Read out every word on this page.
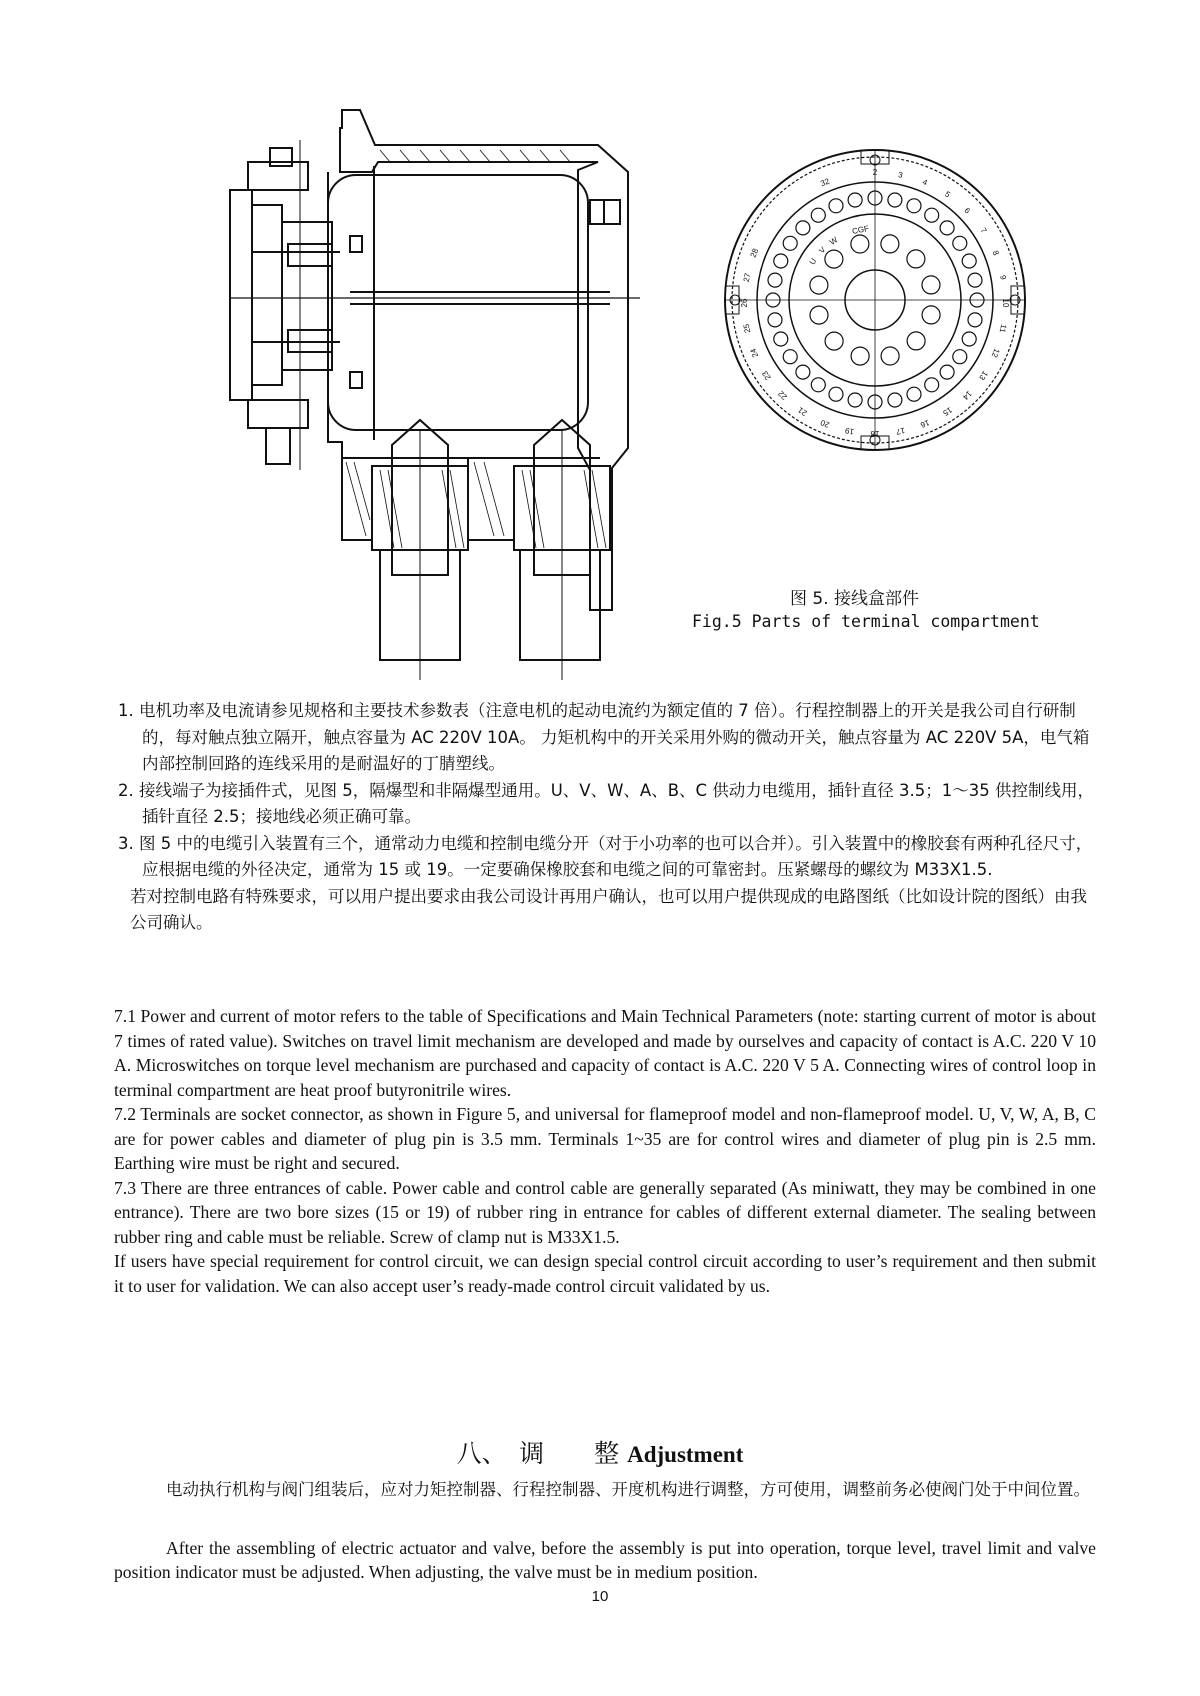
2	3
4
5
6
7
8
9
10
11
12
13
14
15
16
17
18
19
20
21
22
23
24
25
26
27
28
U
V
W
32
CGF
图 5. 接线盒部件
Fig.5 Parts of terminal compartment

1. 电机功率及电流请参见规格和主要技术参数表（注意电机的起动电流约为额定值的 7 倍）。行程控制器上的开关是我公司自行研制的，每对触点独立隔开，触点容量为 AC 220V 10A。 力矩机构中的开关采用外购的微动开关，触点容量为 AC 220V 5A，电气箱内部控制回路的连线采用的是耐温好的丁腈塑线。

2. 接线端子为接插件式，见图 5，隔爆型和非隔爆型通用。U、V、W、A、B、C 供动力电缆用，插针直径 3.5；1～35 供控制线用，插针直径 2.5；接地线必须正确可靠。

3. 图 5 中的电缆引入装置有三个，通常动力电缆和控制电缆分开（对于小功率的也可以合并）。引入装置中的橡胶套有两种孔径尺寸，应根据电缆的外径决定，通常为 15 或 19。一定要确保橡胶套和电缆之间的可靠密封。压紧螺母的螺纹为 M33X1.5.

若对控制电路有特殊要求，可以用户提出要求由我公司设计再用户确认，也可以用户提供现成的电路图纸（比如设计院的图纸）由我公司确认。

7.1 Power and current of motor refers to the table of Specifications and Main Technical Parameters (note: starting current of motor is about 7 times of rated value). Switches on travel limit mechanism are developed and made by ourselves and capacity of contact is A.C. 220 V 10 A. Microswitches on torque level mechanism are purchased and capacity of contact is A.C. 220 V 5 A. Connecting wires of control loop in terminal compartment are heat proof butyronitrile wires.

7.2 Terminals are socket connector, as shown in Figure 5, and universal for flameproof model and non-flameproof model. U, V, W, A, B, C are for power cables and diameter of plug pin is 3.5 mm. Terminals 1~35 are for control wires and diameter of plug pin is 2.5 mm. Earthing wire must be right and secured.

7.3 There are three entrances of cable. Power cable and control cable are generally separated (As miniwatt, they may be combined in one entrance). There are two bore sizes (15 or 19) of rubber ring in entrance for cables of different external diameter. The sealing between rubber ring and cable must be reliable. Screw of clamp nut is M33X1.5.

If users have special requirement for control circuit, we can design special control circuit according to user’s requirement and then submit it to user for validation. We can also accept user’s ready-made control circuit validated by us.

八、　调　　整 Adjustment

电动执行机构与阀门组装后，应对力矩控制器、行程控制器、开度机构进行调整，方可使用，调整前务必使阀门处于中间位置。

After the assembling of electric actuator and valve, before the assembly is put into operation, torque level, travel limit and valve position indicator must be adjusted. When adjusting, the valve must be in medium position.

10
